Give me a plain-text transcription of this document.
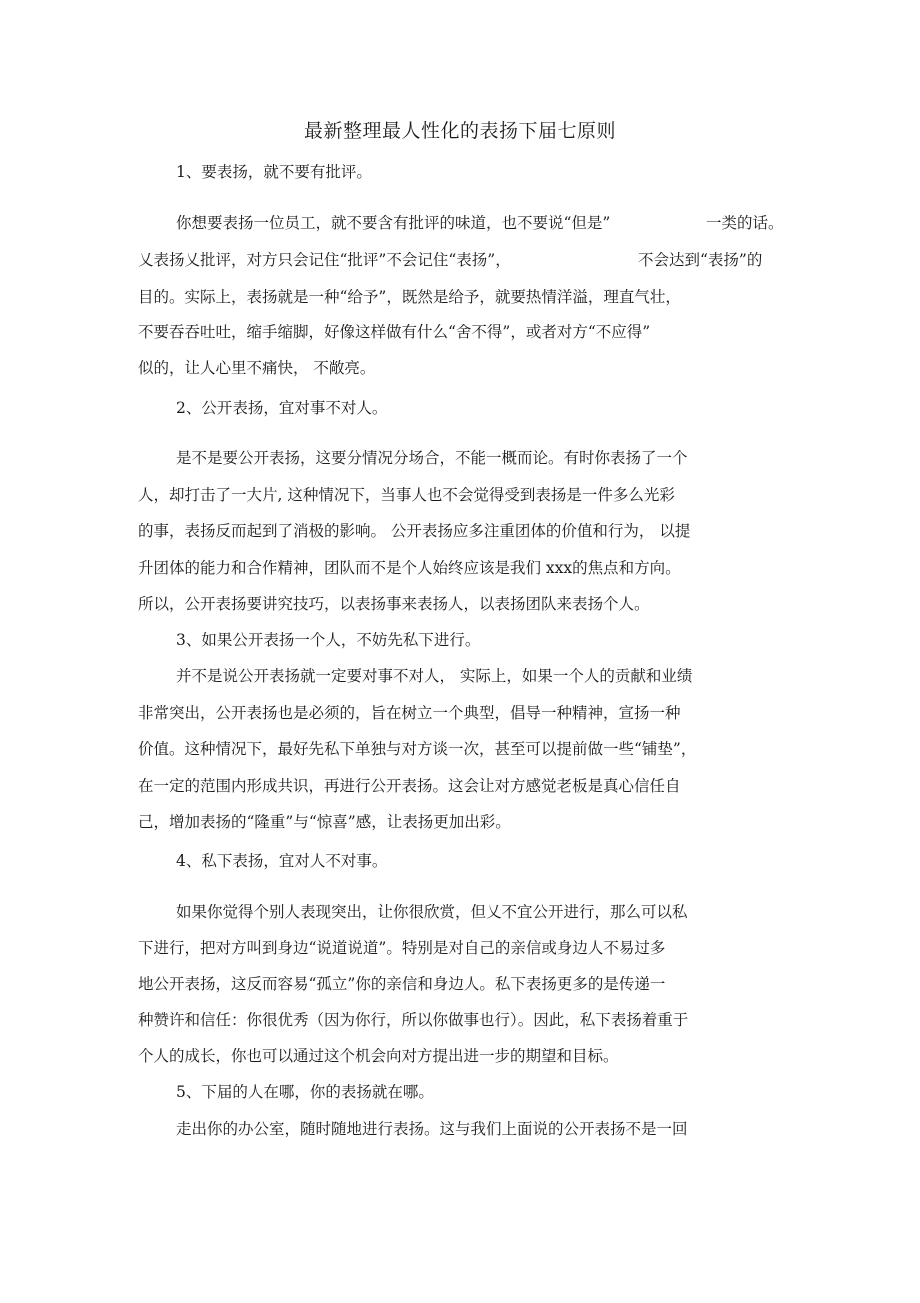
最新整理最人性化的表扬下届七原则
1、要表扬，就不要有批评。
你想要表扬一位员工，就不要含有批评的味道，也不要说“但是”	一类的话。
乂表扬乂批评，对方只会记住“批评”不会记住“表扬”，	不会达到“表扬”的
目的。实际上，表扬就是一种“给予”，既然是给予，就要热情洋溢，理直气壮，
不要吞吞吐吐，缩手缩脚，好像这样做有什么“舍不得”，或者对方“不应得”
似的，让人心里不痛快， 不敞亮。
2、公开表扬，宜对事不对人。
是不是要公开表扬，这要分情况分场合，不能一概而论。有时你表扬了一个
人，却打击了一大片, 这种情况下，当事人也不会觉得受到表扬是一件多么光彩
的事，表扬反而起到了消极的影响。 公开表扬应多注重团体的价值和行为， 以提
升团体的能力和合作精神，团队而不是个人始终应该是我们 xxx的焦点和方向。
所以，公开表扬要讲究技巧，以表扬事来表扬人，以表扬团队来表扬个人。
3、如果公开表扬一个人，不妨先私下进行。
并不是说公开表扬就一定要对事不对人， 实际上，如果一个人的贡献和业绩
非常突出，公开表扬也是必须的，旨在树立一个典型，倡导一种精神，宣扬一种
价值。这种情况下，最好先私下单独与对方谈一次，甚至可以提前做一些“铺垫”，
在一定的范围内形成共识，再进行公开表扬。这会让对方感觉老板是真心信任自
己，增加表扬的“隆重”与“惊喜”感，让表扬更加出彩。
4、私下表扬，宜对人不对事。
如果你觉得个别人表现突出，让你很欣赏，但乂不宜公开进行，那么可以私
下进行，把对方叫到身边“说道说道”。特别是对自己的亲信或身边人不易过多
地公开表扬，这反而容易“孤立”你的亲信和身边人。私下表扬更多的是传递一
种赞许和信任：你很优秀（因为你行，所以你做事也行）。因此，私下表扬着重于
个人的成长，你也可以通过这个机会向对方提出进一步的期望和目标。
5、下届的人在哪，你的表扬就在哪。
走出你的办公室，随时随地进行表扬。这与我们上面说的公开表扬不是一回
